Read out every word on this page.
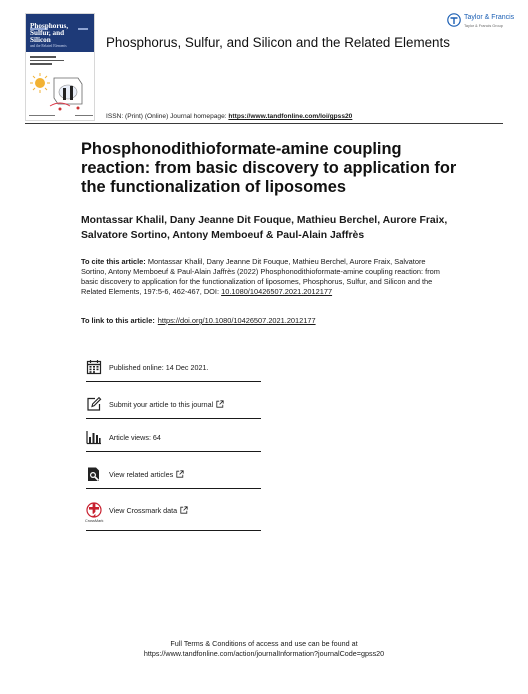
Phosphorus,
Sulfur, and
Silicon
and the Related Elements	Phosphorus, Sulfur, and Silicon and the Related Elements
Taylor & Francis
Taylor & Francis Group
ISSN: (Print) (Online) Journal homepage: https://www.tandfonline.com/loi/gpss20
Phosphonodithioformate-amine coupling reaction: from basic discovery to application for the functionalization of liposomes
Montassar Khalil, Dany Jeanne Dit Fouque, Mathieu Berchel, Aurore Fraix, Salvatore Sortino, Antony Memboeuf & Paul-Alain Jaffrès
To cite this article: Montassar Khalil, Dany Jeanne Dit Fouque, Mathieu Berchel, Aurore Fraix, Salvatore Sortino, Antony Memboeuf & Paul-Alain Jaffrès (2022) Phosphonodithioformate-amine coupling reaction: from basic discovery to application for the functionalization of liposomes, Phosphorus, Sulfur, and Silicon and the Related Elements, 197:5-6, 462-467, DOI: 10.1080/10426507.2021.2012177
To link to this article: https://doi.org/10.1080/10426507.2021.2012177
Published online: 14 Dec 2021.
Submit your article to this journal
Article views: 64
View related articles
CrossMark
View Crossmark data
Full Terms & Conditions of access and use can be found at
https://www.tandfonline.com/action/journalInformation?journalCode=gpss20
